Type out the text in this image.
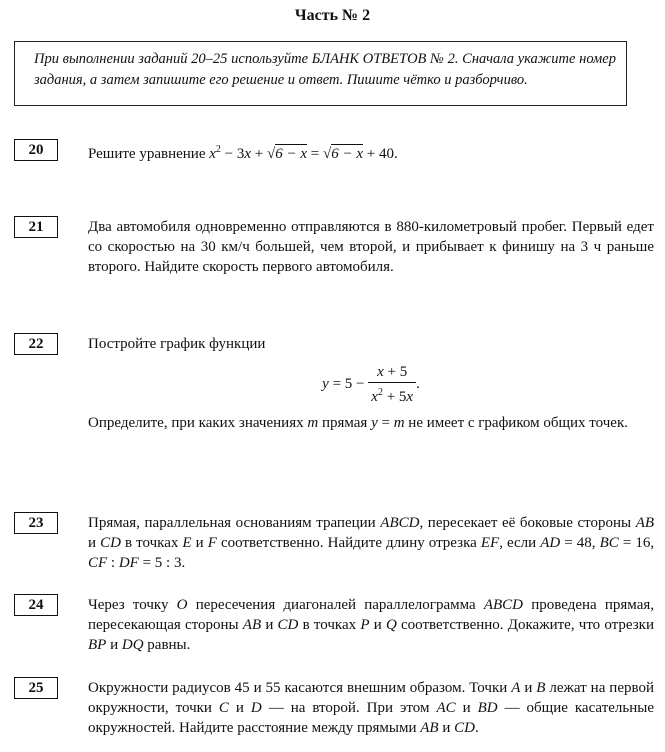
Часть № 2
При выполнении заданий 20–25 используйте БЛАНК ОТВЕТОВ № 2. Сначала укажите номер задания, а затем запишите его решение и ответ. Пишите чётко и разборчиво.
20	Решите уравнение $x^2 - 3x + √6 - x = √6 - x + 40$.
21	Два автомобиля одновременно отправляются в 880-километровый пробег. Первый едет со скоростью на 30 км/ч большей, чем второй, и прибывает к финишу на 3 ч раньше второго. Найдите скорость первого автомобиля.
22	Постройте график функции
$y = 5 - \frac{x + 5}{x^2 + 5x}$ .
Определите, при каких значениях m прямая y = m не имеет с графиком общих точек.
23	Прямая, параллельная основаниям трапеции ABCD, пересекает её боковые стороны AB и CD в точках E и F соответственно. Найдите длину отрезка EF, если AD = 48, BC = 16, CF : DF = 5 : 3.
24	Через точку O пересечения диагоналей параллелограмма ABCD проведена прямая, пересекающая стороны AB и CD в точках P и Q соответственно. Докажите, что отрезки BP и DQ равны.
25	Окружности радиусов 45 и 55 касаются внешним образом. Точки A и B лежат на первой окружности, точки C и D — на второй. При этом AC и BD — общие касательные окружностей. Найдите расстояние между прямыми AB и CD.
